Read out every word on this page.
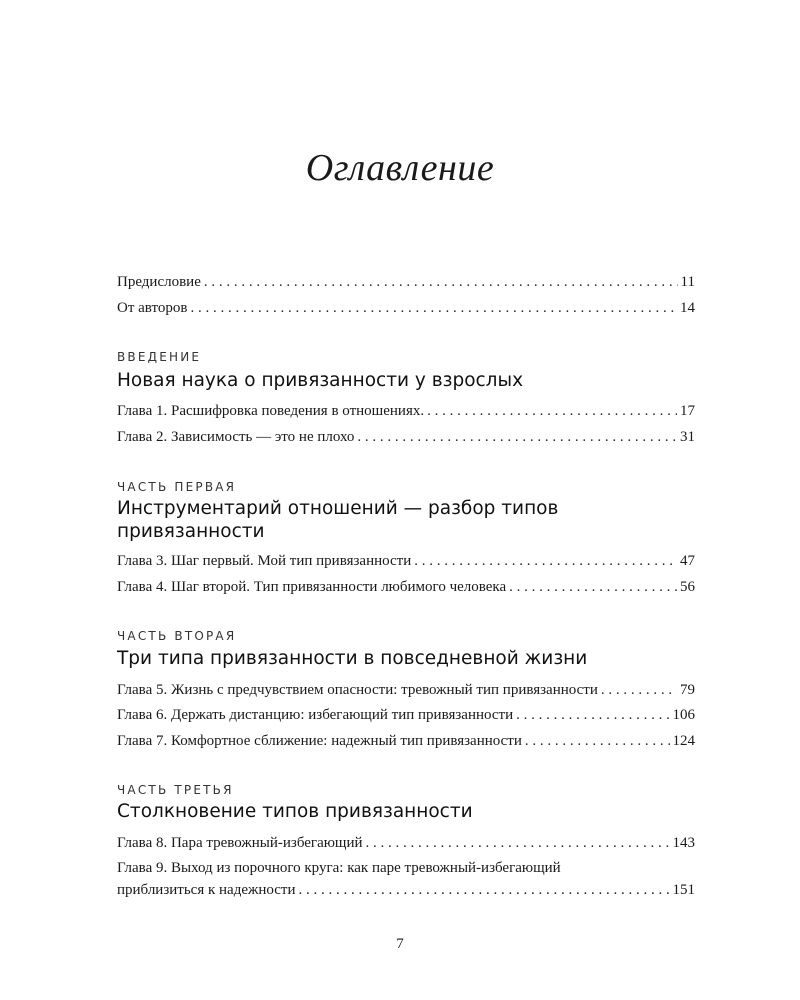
Оглавление
Предисловие . . .	11
От авторов . . .	14
ВВЕДЕНИЕ
Новая наука о привязанности у взрослых
Глава 1. Расшифровка поведения в отношениях. . . .	17
Глава 2. Зависимость — это не плохо . . .	31
ЧАСТЬ ПЕРВАЯ
Инструментарий отношений — разбор типов
привязанности
Глава 3. Шаг первый. Мой тип привязанности . . .	47
Глава 4. Шаг второй. Тип привязанности любимого человека . . .	56
ЧАСТЬ ВТОРАЯ
Три типа привязанности в повседневной жизни
Глава 5. Жизнь с предчувствием опасности: тревожный тип привязанности . . .	79
Глава 6. Держать дистанцию: избегающий тип привязанности . . .	106
Глава 7. Комфортное сближение: надежный тип привязанности . . .	124
ЧАСТЬ ТРЕТЬЯ
Столкновение типов привязанности
Глава 8. Пара тревожный-избегающий . . .	143
Глава 9. Выход из порочного круга: как паре тревожный-избегающий
приблизиться к надежности . . .	151
7
